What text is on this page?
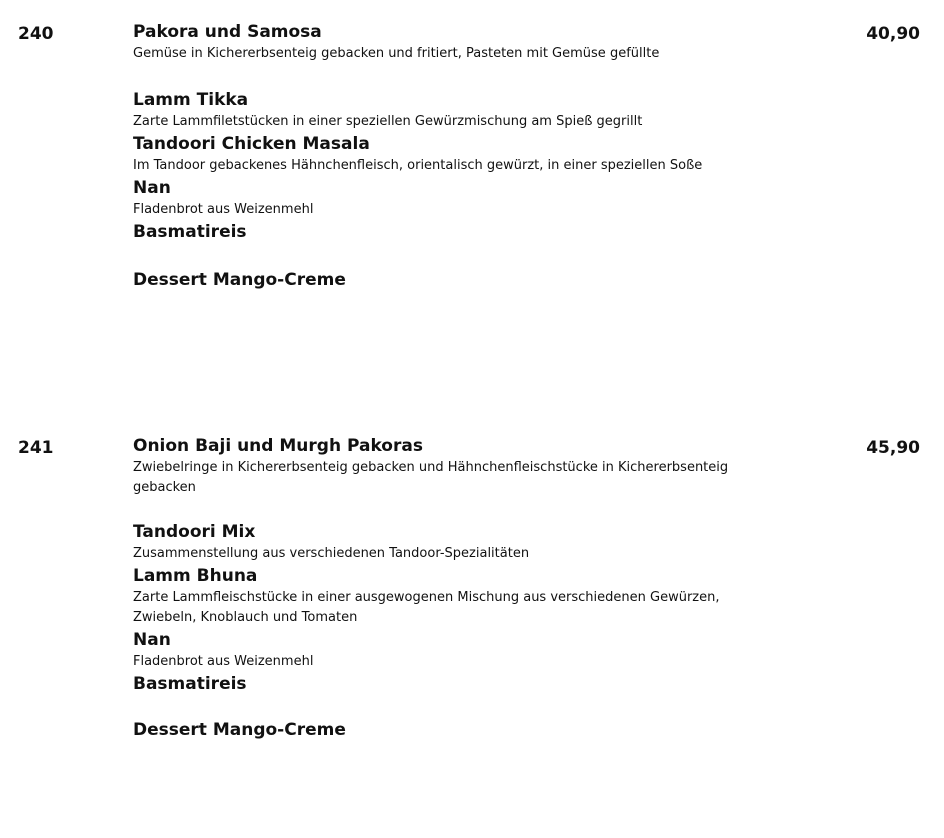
240	40,90
Pakora und Samosa
Gemüse in Kichererbsenteig gebacken und fritiert, Pasteten mit Gemüse gefüllte
Lamm Tikka
Zarte Lammfiletstücken in einer speziellen Gewürzmischung am Spieß gegrillt
Tandoori Chicken Masala
Im Tandoor gebackenes Hähnchenfleisch, orientalisch gewürzt, in einer speziellen Soße
Nan
Fladenbrot aus Weizenmehl
Basmatireis
Dessert Mango-Creme
241	45,90
Onion Baji und Murgh Pakoras
Zwiebelringe in Kichererbsenteig gebacken und Hähnchenfleischstücke in Kichererbsenteig gebacken
Tandoori Mix
Zusammenstellung aus verschiedenen Tandoor-Spezialitäten
Lamm Bhuna
Zarte Lammfleischstücke in einer ausgewogenen Mischung aus verschiedenen Gewürzen, Zwiebeln, Knoblauch und Tomaten
Nan
Fladenbrot aus Weizenmehl
Basmatireis
Dessert Mango-Creme
